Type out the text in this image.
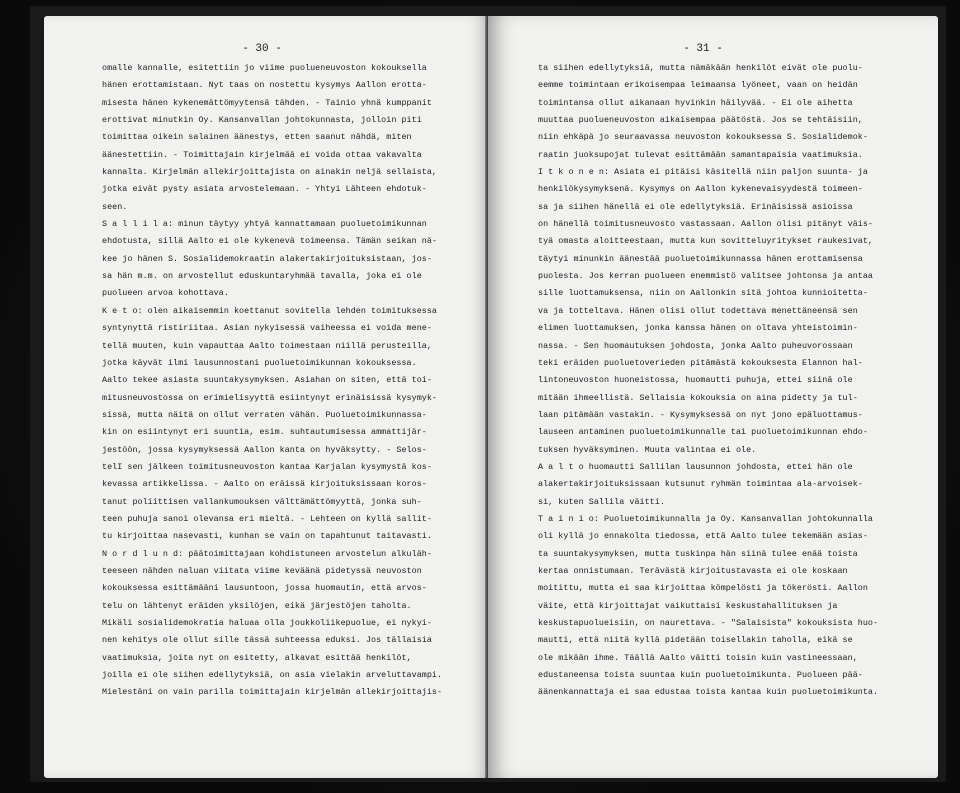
- 30 -
omalle kannalle, esitettiin jo viime puolueneuvoston kokouksella
hänen erottamistaan. Nyt taas on nostettu kysymys Aallon erotta-
misesta hänen kykenemättömyytensä tähden. - Tainio yhnä kumppanit
erottivat minutkin Oy. Kansanvallan johtokunnasta, jolloin piti
toimittaa oikein salainen äänestys, etten saanut nähdä, miten
äänestettiin. - Toimittajain kirjelmää ei voida ottaa vakavalta
kannalta. Kirjelmän allekirjoittajista on ainakin neljä sellaista,
jotka eivät pysty asiata arvostelemaan. - Yhtyi Lähteen ehdotuk-
seen.
S a l l i l a: minun täytyy yhtyä kannattamaan puoluetoimikunnan
ehdotusta, sillä Aalto ei ole kykenevä toimeensa. Tämän seikan nä-
kee jo hänen S. Sosialidemokraatin alakertakirjoituksistaan, jos-
sa hän m.m. on arvostellut eduskuntaryhmää tavalla, joka ei ole
puolueen arvoa kohottava.
K e t o: olen aikaisemmin koettanut sovitella lehden toimituksessa
syntynyttä ristiriitaa. Asian nykyisessä vaiheessa ei voida mene-
tellä muuten, kuin vapauttaa Aalto toimestaan niillä perusteilla,
jotka käyvät ilmi lausunnostani puoluetoimikunnan kokouksessa.
Aalto tekee asiasta suuntakysymyksen. Asiahan on siten, että toi-
mitusneuvostossa on erimielisyyttä esiintynyt erinäisissä kysymyk-
sissä, mutta näitä on ollut verraten vähän. Puoluetoimikunnassa-
kin on esiintynyt eri suuntia, esim. suhtautumisessa ammattijär-
jestöön, jossa kysymyksessä Aallon kanta on hyväksytty. - Selos-
telI sen jälkeen toimitusneuvoston kantaa Karjalan kysymystä kos-
kevassa artikkelissa. - Aalto on eräissä kirjoituksissaan koros-
tanut poliittisen vallankumouksen välttämättömyyttä, jonka suh-
teen puhuja sanoi olevansa eri mieltä. - Lehteen on kyllä sallit-
tu kirjoittaa nasevasti, kunhan se vain on tapahtunut taitavasti.
N o r d l u n d: päätoimittajaan kohdistuneen arvostelun alkuläh-
teeseen nähden naluan viitata viime keväänä pidetyssä neuvoston
kokouksessa esittämääni lausuntoon, jossa huomautin, että arvos-
telu on lähtenyt eräiden yksilöjen, eikä järjestöjen taholta.
Mikäli sosialidemokratia haluaa olla joukkoliikepuolue, ei nykyi-
nen kehitys ole ollut sille tässä suhteessa eduksi. Jos tällaisia
vaatimuksia, joita nyt on esitetty, alkavat esittää henkilöt,
joilla ei ole siihen edellytyksiä, on asia vielakin arveluttavampi.
Mielestäni on vain parilla toimittajain kirjelmän allekirjoittajis-
- 31 -
ta siihen edellytyksiä, mutta nämäkään henkilöt eivät ole puolu-
eemme toimintaan erikoisempaa leimaansa lyöneet, vaan on heidän
toimintansa ollut aikanaan hyvinkin häilyvää. - Ei ole aihetta
muuttaa puolueneuvoston aikaisempaa päätöstä. Jos se tehtäisiin,
niin ehkäpä jo seuraavassa neuvoston kokouksessa S. Sosialidemok-
raatin juoksupojat tulevat esittämään samantapaisia vaatimuksia.
I t k o n e n: Asiata ei pitäisi käsitellä niin paljon suunta- ja
henkilökysymyksenä. Kysymys on Aallon kykenevaisyydestä toimeen-
sa ja siihen hänellä ei ole edellytyksiä. Erinäisissä asioissa
on hänellä toimitusneuvosto vastassaan. Aallon olisi pitänyt väis-
tyä omasta aloitteestaan, mutta kun sovitteluyritykset raukesivat,
täytyi minunkin äänestää puoluetoimikunnassa hänen erottamisensa
puolesta. Jos kerran puolueen enemmistö valitsee johtonsa ja antaa
sille luottamuksensa, niin on Aallonkin sitä johtoa kunnioitetta-
va ja totteltava. Hänen olisi ollut todettava menettäneensä sen
elimen luottamuksen, jonka kanssa hänen on oltava yhteistoimin-
nassa. - Sen huomautuksen johdosta, jonka Aalto puheuvorossaan
teki eräiden puoluetoverieden pitämästä kokouksesta Elannon hal-
lintoneuvoston huoneistossa, huomautti puhuja, ettei siinä ole
mitään ihmeellistä. Sellaisia kokouksia on aina pidetty ja tul-
laan pitämään vastakin. - Kysymyksessä on nyt jono epäluottamus-
lauseen antaminen puoluetoimikunnalle tai puoluetoimikunnan ehdo-
tuksen hyväksyminen. Muuta valintaa ei ole.
A a l t o huomautti Sallilan lausunnon johdosta, ettei hän ole
alakertakirjoituksissaan kutsunut ryhmän toimintaa ala-arvoisek-
si, kuten Sallila väitti.
T a i n i o: Puoluetoimikunnalla ja Oy. Kansanvallan johtokunnalla
oli kyllä jo ennakolta tiedossa, että Aalto tulee tekemään asias-
ta suuntakysymyksen, mutta tuskinpa hän siinä tulee enää toista
kertaa onnistumaan. Terävästä kirjoitustavasta ei ole koskaan
moitittu, mutta ei saa kirjoittaa kömpelösti ja tökerösti. Aallon
väite, että kirjoittajat vaikuttaisi keskustahallituksen ja
keskustapuolueisiin, on naurettava. - "Salaisista" kokouksista huo-
mautti, että niitä kyllä pidetään toisellakin taholla, eikä se
ole mikään ihme. Täällä Aalto väitti toisin kuin vastineessaan,
edustaneensa toista suuntaa kuin puoluetoimikunta. Puolueen pää-
äänenkannattaja ei saa edustaa toista kantaa kuin puoluetoimikunta.
